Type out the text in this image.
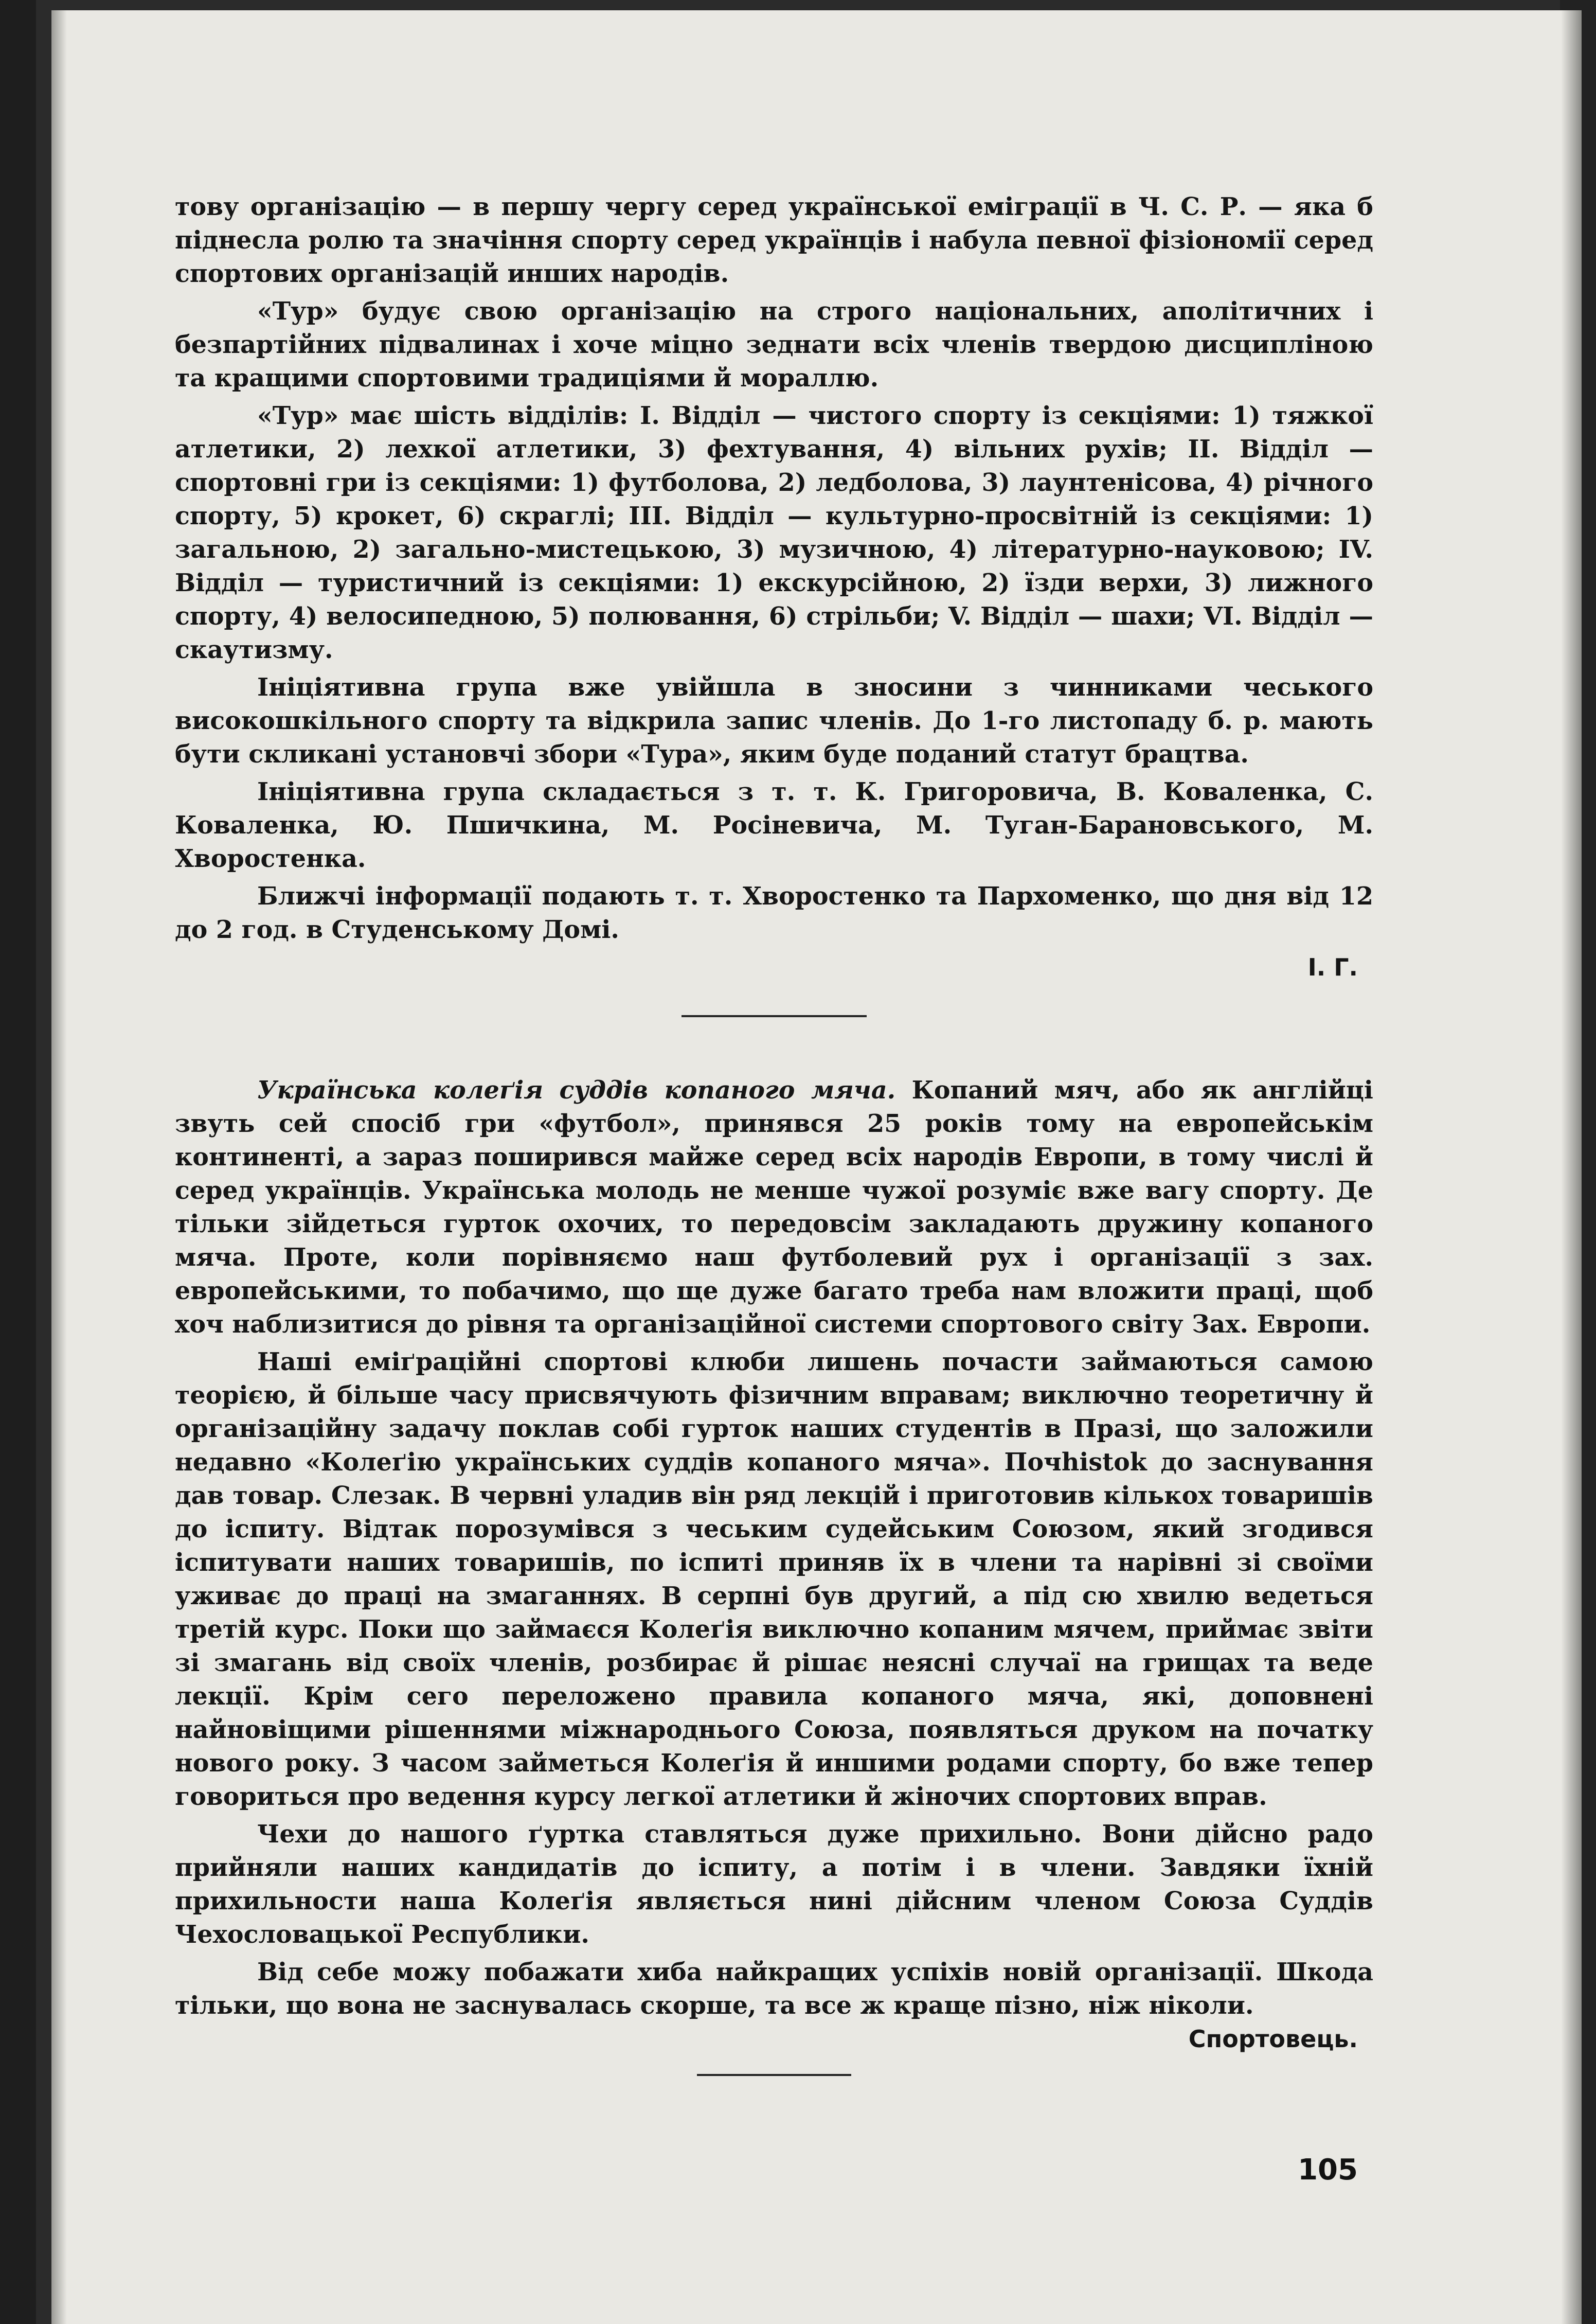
тову організацію — в першу чергу серед української еміграції в Ч. С. Р. — яка б піднесла ролю та значіння спорту серед українців і набула певної фізіономії серед спортових організацій инших народів.

«Тур» будує свою організацію на строго національних, аполітичних і безпартійних підвалинах і хоче міцно зеднати всіх членів твердою дисципліною та кращими спортовими традиціями й мораллю.

«Тур» має шість відділів: І. Відділ — чистого спорту із секціями: 1) тяжкої атлетики, 2) лехкої атлетики, 3) фехтування, 4) вільних рухів; ІІ. Відділ — спортовні гри із секціями: 1) футболова, 2) ледболова, 3) лаунтенісова, 4) річного спорту, 5) крокет, 6) скраглі; ІІІ. Відділ — культурно-просвітній із секціями: 1) загальною, 2) загально-мистецькою, 3) музичною, 4) літературно-науковою; IV. Відділ — туристичний із секціями: 1) екскурсійною, 2) їзди верхи, 3) лижного спорту, 4) велосипедною, 5) полювання, 6) стрільби; V. Відділ — шахи; VI. Відділ — скаутизму.

Ініціятивна група вже увійшла в зносини з чинниками чеського високошкільного спорту та відкрила запис членів. До 1-го листопаду б. р. мають бути скликані установчі збори «Тура», яким буде поданий статут брацтва.

Ініціятивна група складається з т. т. К. Григоровича, В. Коваленка, С. Коваленка, Ю. Пшичкина, М. Росіневича, М. Туган-Барановського, М. Хворостенка.

Ближчі інформації подають т. т. Хворостенко та Пархоменко, що дня від 12 до 2 год. в Студенському Домі.

І. Г.

Українська колеґія суддів копаного мяча. Копаний мяч, або як англійці звуть сей спосіб гри «футбол», принявся 25 років тому на европейськім континенті, а зараз поширився майже серед всіх народів Европи, в тому числі й серед українців. Українська молодь не менше чужої розуміє вже вагу спорту. Де тільки зійдеться гурток охочих, то передовсім закладають дружину копаного мяча. Проте, коли порівняємо наш футболевий рух і організації з зах. европейськими, то побачимо, що ще дуже багато треба нам вложити праці, щоб хоч наблизитися до рівня та організаційної системи спортового світу Зах. Европи.

Наші еміґраційні спортові клюби лишень почасти займаються самою теорією, й більше часу присвячують фізичним вправам; виключно теоретичну й організаційну задачу поклав собі гурток наших студентів в Празі, що заложили недавно «Колеґію українських суддів копаного мяча». Почhistоk до заснування дав товар. Слезак. В червні уладив він ряд лекцій і приготовив кількох товаришів до іспиту. Відтак порозумівся з чеським судейським Союзом, який згодився іспитувати наших товаришів, по іспиті приняв їх в члени та нарівні зі своїми уживає до праці на змаганнях. В серпні був другий, а під сю хвилю ведеться третій курс. Поки що займаєся Колеґія виключно копаним мячем, приймає звіти зі змагань від своїх членів, розбирає й рішає неясні случаї на грищах та веде лекції. Крім сего переложено правила копаного мяча, які, доповнені найновіщими рішеннями міжнароднього Союза, появляться друком на початку нового року. З часом займеться Колеґія й иншими родами спорту, бо вже тепер говориться про ведення курсу легкої атлетики й жіночих спортових вправ.

Чехи до нашого ґуртка ставляться дуже прихильно. Вони дійсно радо прийняли наших кандидатів до іспиту, а потім і в члени. Завдяки їхній прихильности наша Колеґія являється нині дійсним членом Союза Суддів Чехословацької Республики.

Від себе можу побажати хиба найкращих успіхів новій організації. Шкода тільки, що вона не заснувалась скорше, та все ж краще пізно, ніж ніколи.
Спортовець.

105
